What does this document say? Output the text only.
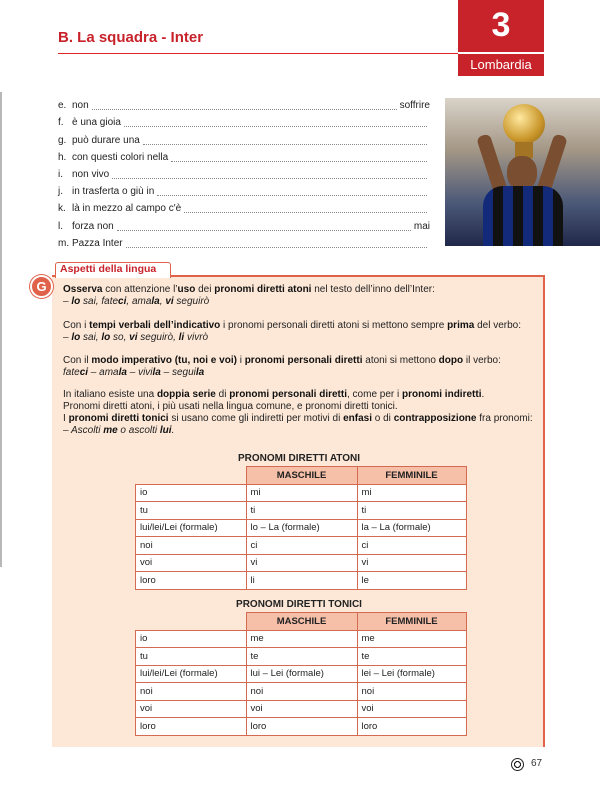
B. La squadra - Inter	3
Lombardia
e. non	soffrire
f. è una gioia
g. può durare una
h. con questi colori nella
i. non vivo
j. in trasferta o giù in
k. là in mezzo al campo c'è
l. forza non	mai
m. Pazza Inter
Aspetti della lingua
G	Osserva con attenzione l’uso dei pronomi diretti atoni nel testo dell’inno dell’Inter:
– lo sai, fateci, amala, vi seguirò
Con i tempi verbali dell’indicativo i pronomi personali diretti atoni si mettono sempre prima del verbo:
– lo sai, lo so, vi seguirò, li vivrò
Con il modo imperativo (tu, noi e voi) i pronomi personali diretti atoni si mettono dopo il verbo:
fateci – amala – vivila – seguila
In italiano esiste una doppia serie di pronomi personali diretti, come per i pronomi indiretti.
Pronomi diretti atoni, i più usati nella lingua comune, e pronomi diretti tonici.
I pronomi diretti tonici si usano come gli indiretti per motivi di enfasi o di contrapposizione fra pronomi:
– Ascolti me o ascolti lui.
PRONOMI DIRETTI ATONI
	MASCHILE	FEMMINILE
io	mi	mi
tu	ti	ti
lui/lei/Lei (formale)	lo – La (formale)	la – La (formale)
noi	ci	ci
voi	vi	vi
loro	li	le
PRONOMI DIRETTI TONICI
	MASCHILE	FEMMINILE
io	me	me
tu	te	te
lui/lei/Lei (formale)	lui – Lei (formale)	lei – Lei (formale)
noi	noi	noi
voi	voi	voi
loro	loro	loro
67
